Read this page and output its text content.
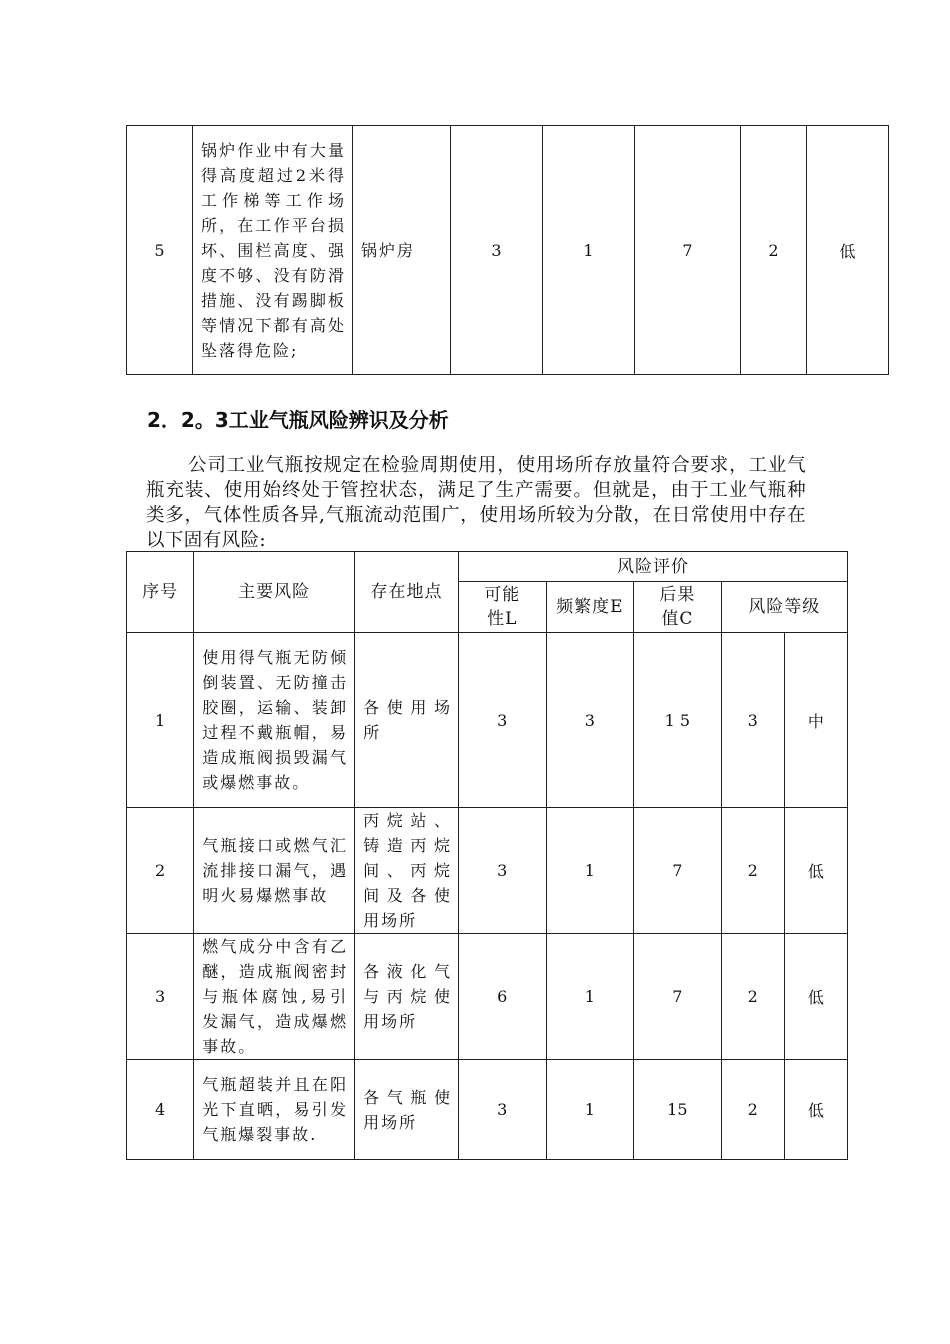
5	锅炉作业中有大量得高度超过2米得工作梯等工作场所，在工作平台损坏、围栏高度、强度不够、没有防滑措施、没有踢脚板等情况下都有高处坠落得危险;	锅炉房	3	1	7	2	低
2．2。3工业气瓶风险辨识及分析

公司工业气瓶按规定在检验周期使用，使用场所存放量符合要求，工业气瓶充装、使用始终处于管控状态，满足了生产需要。但就是，由于工业气瓶种类多，气体性质各异,气瓶流动范围广，使用场所较为分散，在日常使用中存在以下固有风险:

序号	主要风险	存在地点	风险评价				
			可能性L	频繁度E	后果值C	风险等级	
1	使用得气瓶无防倾倒装置、无防撞击胶圈，运输、装卸过程不戴瓶帽，易造成瓶阀损毁漏气或爆燃事故。	各使用场所	3	3	1 5	3	中
2	气瓶接口或燃气汇流排接口漏气，遇明火易爆燃事故	丙烷站、铸造丙烷间、丙烷间及各使用场所	3	1	7	2	低
3	燃气成分中含有乙醚，造成瓶阀密封与瓶体腐蚀,易引发漏气，造成爆燃事故。	各液化气与丙烷使用场所	6	1	7	2	低
4	气瓶超装并且在阳光下直晒，易引发气瓶爆裂事故.	各气瓶使用场所	3	1	15	2	低
